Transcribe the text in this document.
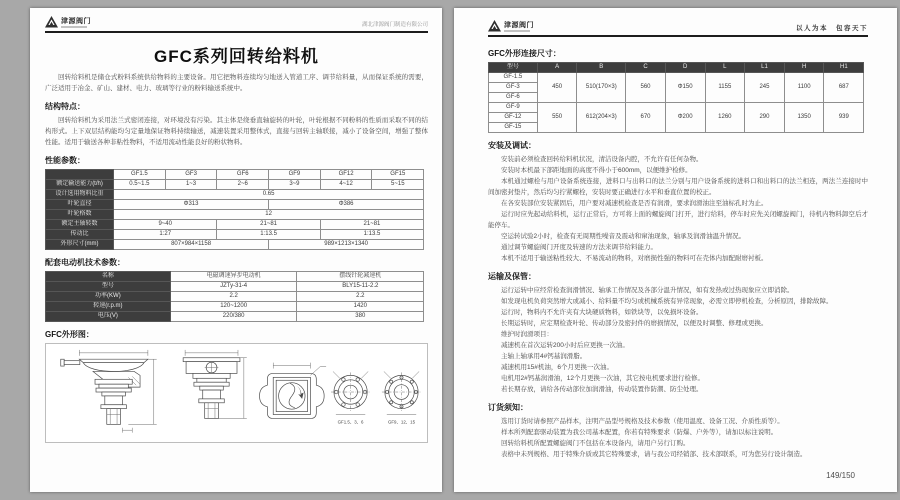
津源阀门	湖北津源阀门制造有限公司
GFC系列回转给料机

回转给料机是储仓式粉料系统供给物料的主要设备。用它把物料连续均匀地送入管道工序、调节给料量，从而保证系统的需要，广泛适用于冶金、矿山、建材、电力、玻璃等行业的粉料输送系统中。

结构特点：

回转给料机为采用法兰式密闭连接，对环境没有污染。其主体是绕垂直轴旋转的叶轮，叶轮根据不同粉料的性质而采取不同的结构形式。上下双层结构能均匀定量地保证物料持续输送，减速装置采用整体式，直接与回转主轴联接，减小了设备空间，增强了整体性能。适用于输送各种非粘性物料，不适用流动性能良好的粉状物料。

性能参数：
	GF1.5	GF3	GF6	GF9	GF12	GF15
额定输送能力(t/h)	0.5~1.5	1~3	2~6	3~9	4~12	5~15
设计选用物料比重	0.65					
叶轮直径	Φ313			Φ386		
叶轮格数	12					
额定主轴转数	9~40		21~81		21~81	
传动比	1:27		1:13.5		1:13.5	
外形尺寸(mm)	807×984×1158			989×1213×1340		
配套电动机技术参数：
名称	电磁调速异步电动机	摆线针轮减速机
型号	JZTy-31-4	BLY15-11-2.2
功率(KW)	2.2	2.2
转速(r.p.m)	120~1200	1420
电压(V)	220/380	380
GFC外形图：
GF1.5、3、6	GF9、12、15
津源阀门	以人为本　包容天下
GFC外形连接尺寸：
型号	A	B	C	D	L	L1	H	H1
GF-1.5	450	510(170×3)	560	Φ150	1155	245	1100	687
GF-3								
GF-6								
GF-9	550	612(204×3)	670	Φ200	1260	290	1350	939
GF-12								
GF-15								
安装及调试：

安装前必须检查回转给料机状况，清洁设备内腔，不允许有任何杂物。

安装时本机最下部距地面的高度不得小于600mm，以便维护检修。

本机通过螺栓与用户设备系统连接，进料口与出料口的法兰分别与用户设备系统的进料口和出料口的法兰相连，两法兰连接时中间加密封垫片，然后均匀拧紧螺栓，安装时要正确进行水平和垂直位置的校正。

在各安装部位安装紧固后，用户要对减速机检查是否有润滑，要求润滑油注至油标孔时为止。

运行时应先起动给料机，运行正常后，方可将上面的螺旋阀门打开，进行给料，停车时应先关闭螺旋阀门，待机内物料卸空后才能停车。

空运转试验2小时，检查有无周期性噪音及震动和窜油现象，轴承及润滑油温升情况。

通过调节螺旋阀门开度及转速的方法来调节给料能力。

本机不适用于输送粘性较大、不易流动的物料，对磨损性强的物料可在壳体内加配耐磨衬板。

运输及保管：

运行运转中应经常检查润滑情况、轴承工作情况及各部分温升情况，如有发热或过热现象应立即消除。

如发现电机负荷突然增大或减小、给料量不均匀或机械系统有异常现象，必需立即停机检查，分析原因，排除故障。

运行时，物料内不允许夹有大块硬质物料，如铁块等，以免损坏设备。

长期运转时，应定期检查叶轮、传动部分及密封件的磨损情况，以便及时调整、修理或更换。

维护时润滑项目：

减速机在首次运转200小时后应更换一次油。

主轴上轴承用4#钙基润滑脂。

减速机用15#机油，6个月更换一次油。

电机用2#钙基润滑油，12个月更换一次油，其它按电机要求进行检修。

若长期存放，请给各传动部位加润滑油，传动装置作防潮、防尘处理。

订货须知：

选用订货时请参照产品样本，注明产品型号规格及技术参数（使用温度、设备工况、介质性质等）。

样本所列配套驱动装置为我公司基本配置，你若有特殊要求（防爆、户外等），请加以标注说明。

回转给料机所配置螺旋阀门不包括在本设备内，请用户另行订购。

表格中未列规格、用于特殊介质或其它特殊要求，请与我公司经销部、技术部联系，可为您另行设计制造。

149/150
